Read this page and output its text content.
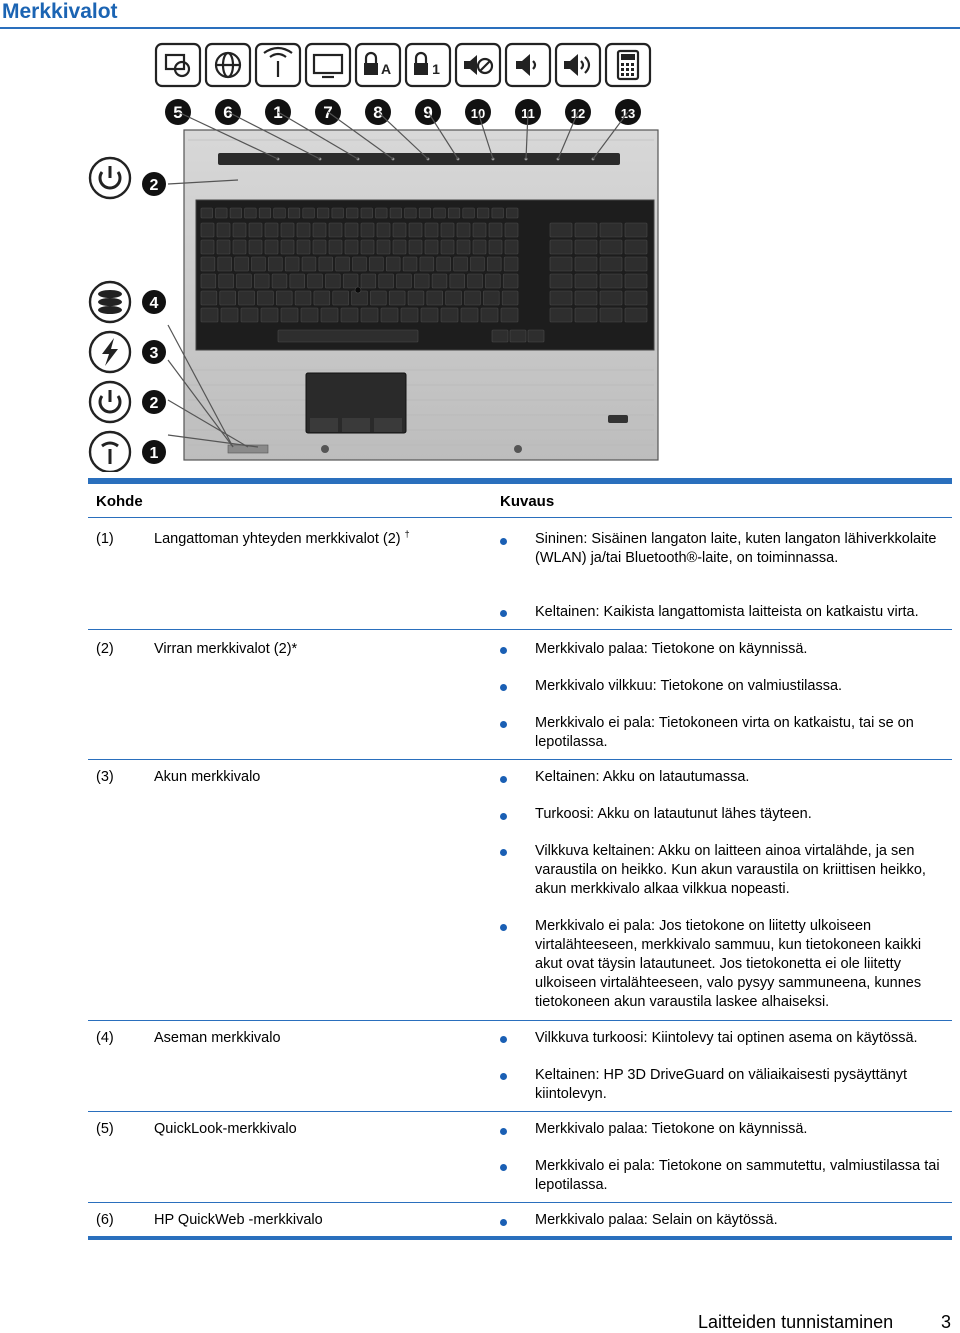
Merkkivalot
A	1
5 6 1 7 8 9	10	11	12	13
2
4
3
2
1
Kohde	Kuvaus
(1)	Langattoman yhteyden merkkivalot (2) †	Sininen: Sisäinen langaton laite, kuten langaton lähiverkkolaite (WLAN) ja/tai Bluetooth®-laite, on toiminnassa.
Keltainen: Kaikista langattomista laitteista on katkaistu virta.
(2)	Virran merkkivalot (2)*	Merkkivalo palaa: Tietokone on käynnissä.
Merkkivalo vilkkuu: Tietokone on valmiustilassa.
Merkkivalo ei pala: Tietokoneen virta on katkaistu, tai se on lepotilassa.
(3)	Akun merkkivalo	Keltainen: Akku on latautumassa.
Turkoosi: Akku on latautunut lähes täyteen.
Vilkkuva keltainen: Akku on laitteen ainoa virtalähde, ja sen varaustila on heikko. Kun akun varaustila on kriittisen heikko, akun merkkivalo alkaa vilkkua nopeasti.
Merkkivalo ei pala: Jos tietokone on liitetty ulkoiseen virtalähteeseen, merkkivalo sammuu, kun tietokoneen kaikki akut ovat täysin latautuneet. Jos tietokonetta ei ole liitetty ulkoiseen virtalähteeseen, valo pysyy sammuneena, kunnes tietokoneen akun varaustila laskee alhaiseksi.
(4)	Aseman merkkivalo	Vilkkuva turkoosi: Kiintolevy tai optinen asema on käytössä.
Keltainen: HP 3D DriveGuard on väliaikaisesti pysäyttänyt kiintolevyn.
(5)	QuickLook-merkkivalo	Merkkivalo palaa: Tietokone on käynnissä.
Merkkivalo ei pala: Tietokone on sammutettu, valmiustilassa tai lepotilassa.
(6)	HP QuickWeb -merkkivalo	Merkkivalo palaa: Selain on käytössä.
Laitteiden tunnistaminen	3
